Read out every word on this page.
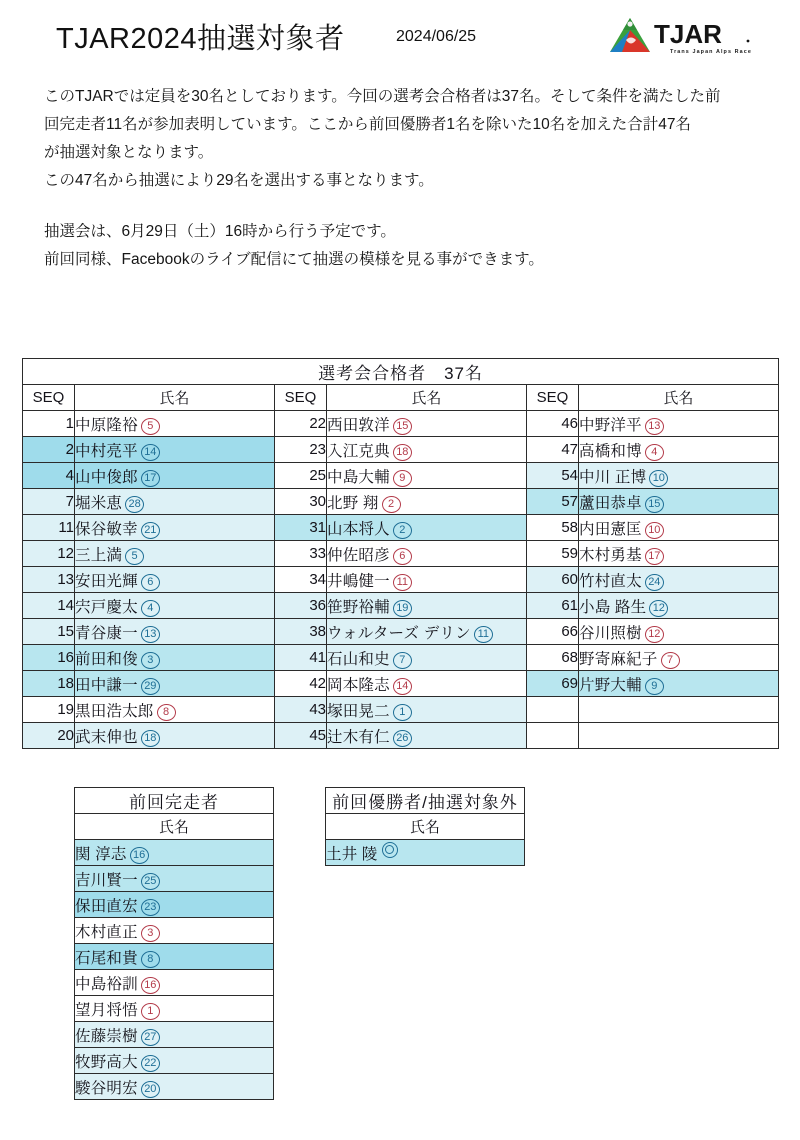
TJAR2024抽選対象者	2024/06/25	TJAR
Trans Japan Alps Race

このTJARでは定員を30名としております。今回の選考会合格者は37名。そして条件を満たした前

回完走者11名が参加表明しています。ここから前回優勝者1名を除いた10名を加えた合計47名

が抽選対象となります。

この47名から抽選により29名を選出する事となります。

抽選会は、6月29日（土）16時から行う予定です。

前回同様、Facebookのライブ配信にて抽選の模様を見る事ができます。

選考会合格者　37名					
SEQ	氏名	SEQ	氏名	SEQ	氏名
1	中原隆裕 5	22	西田敦洋 15	46	中野洋平 13
2	中村亮平 14	23	入江克典 18	47	高橋和博 4
4	山中俊郎 17	25	中島大輔 9	54	中川 正博 10
7	堀米恵 28	30	北野 翔 2	57	蘆田恭卓 15
11	保谷敏幸 21	31	山本将人 2	58	内田憲匡 10
12	三上満 5	33	仲佐昭彦 6	59	木村勇基 17
13	安田光輝 6	34	井嶋健一 11	60	竹村直太 24
14	宍戸慶太 4	36	笹野裕輔 19	61	小島 路生 12
15	青谷康一 13	38	ウォルターズ デリン 11	66	谷川照樹 12
16	前田和俊 3	41	石山和史 7	68	野寄麻紀子 7
18	田中謙一 29	42	岡本隆志 14	69	片野大輔 9
19	黒田浩太郎 8	43	塚田晃二 1		
20	武末伸也 18	45	辻木有仁 26		
前回完走者
氏名
関 淳志 16
吉川賢一 25
保田直宏 23
木村直正 3
石尾和貴 8
中島裕訓 16
望月将悟 1
佐藤崇樹 27
牧野高大 22
駿谷明宏 20
前回優勝者/抽選対象外
氏名
土井 陵
